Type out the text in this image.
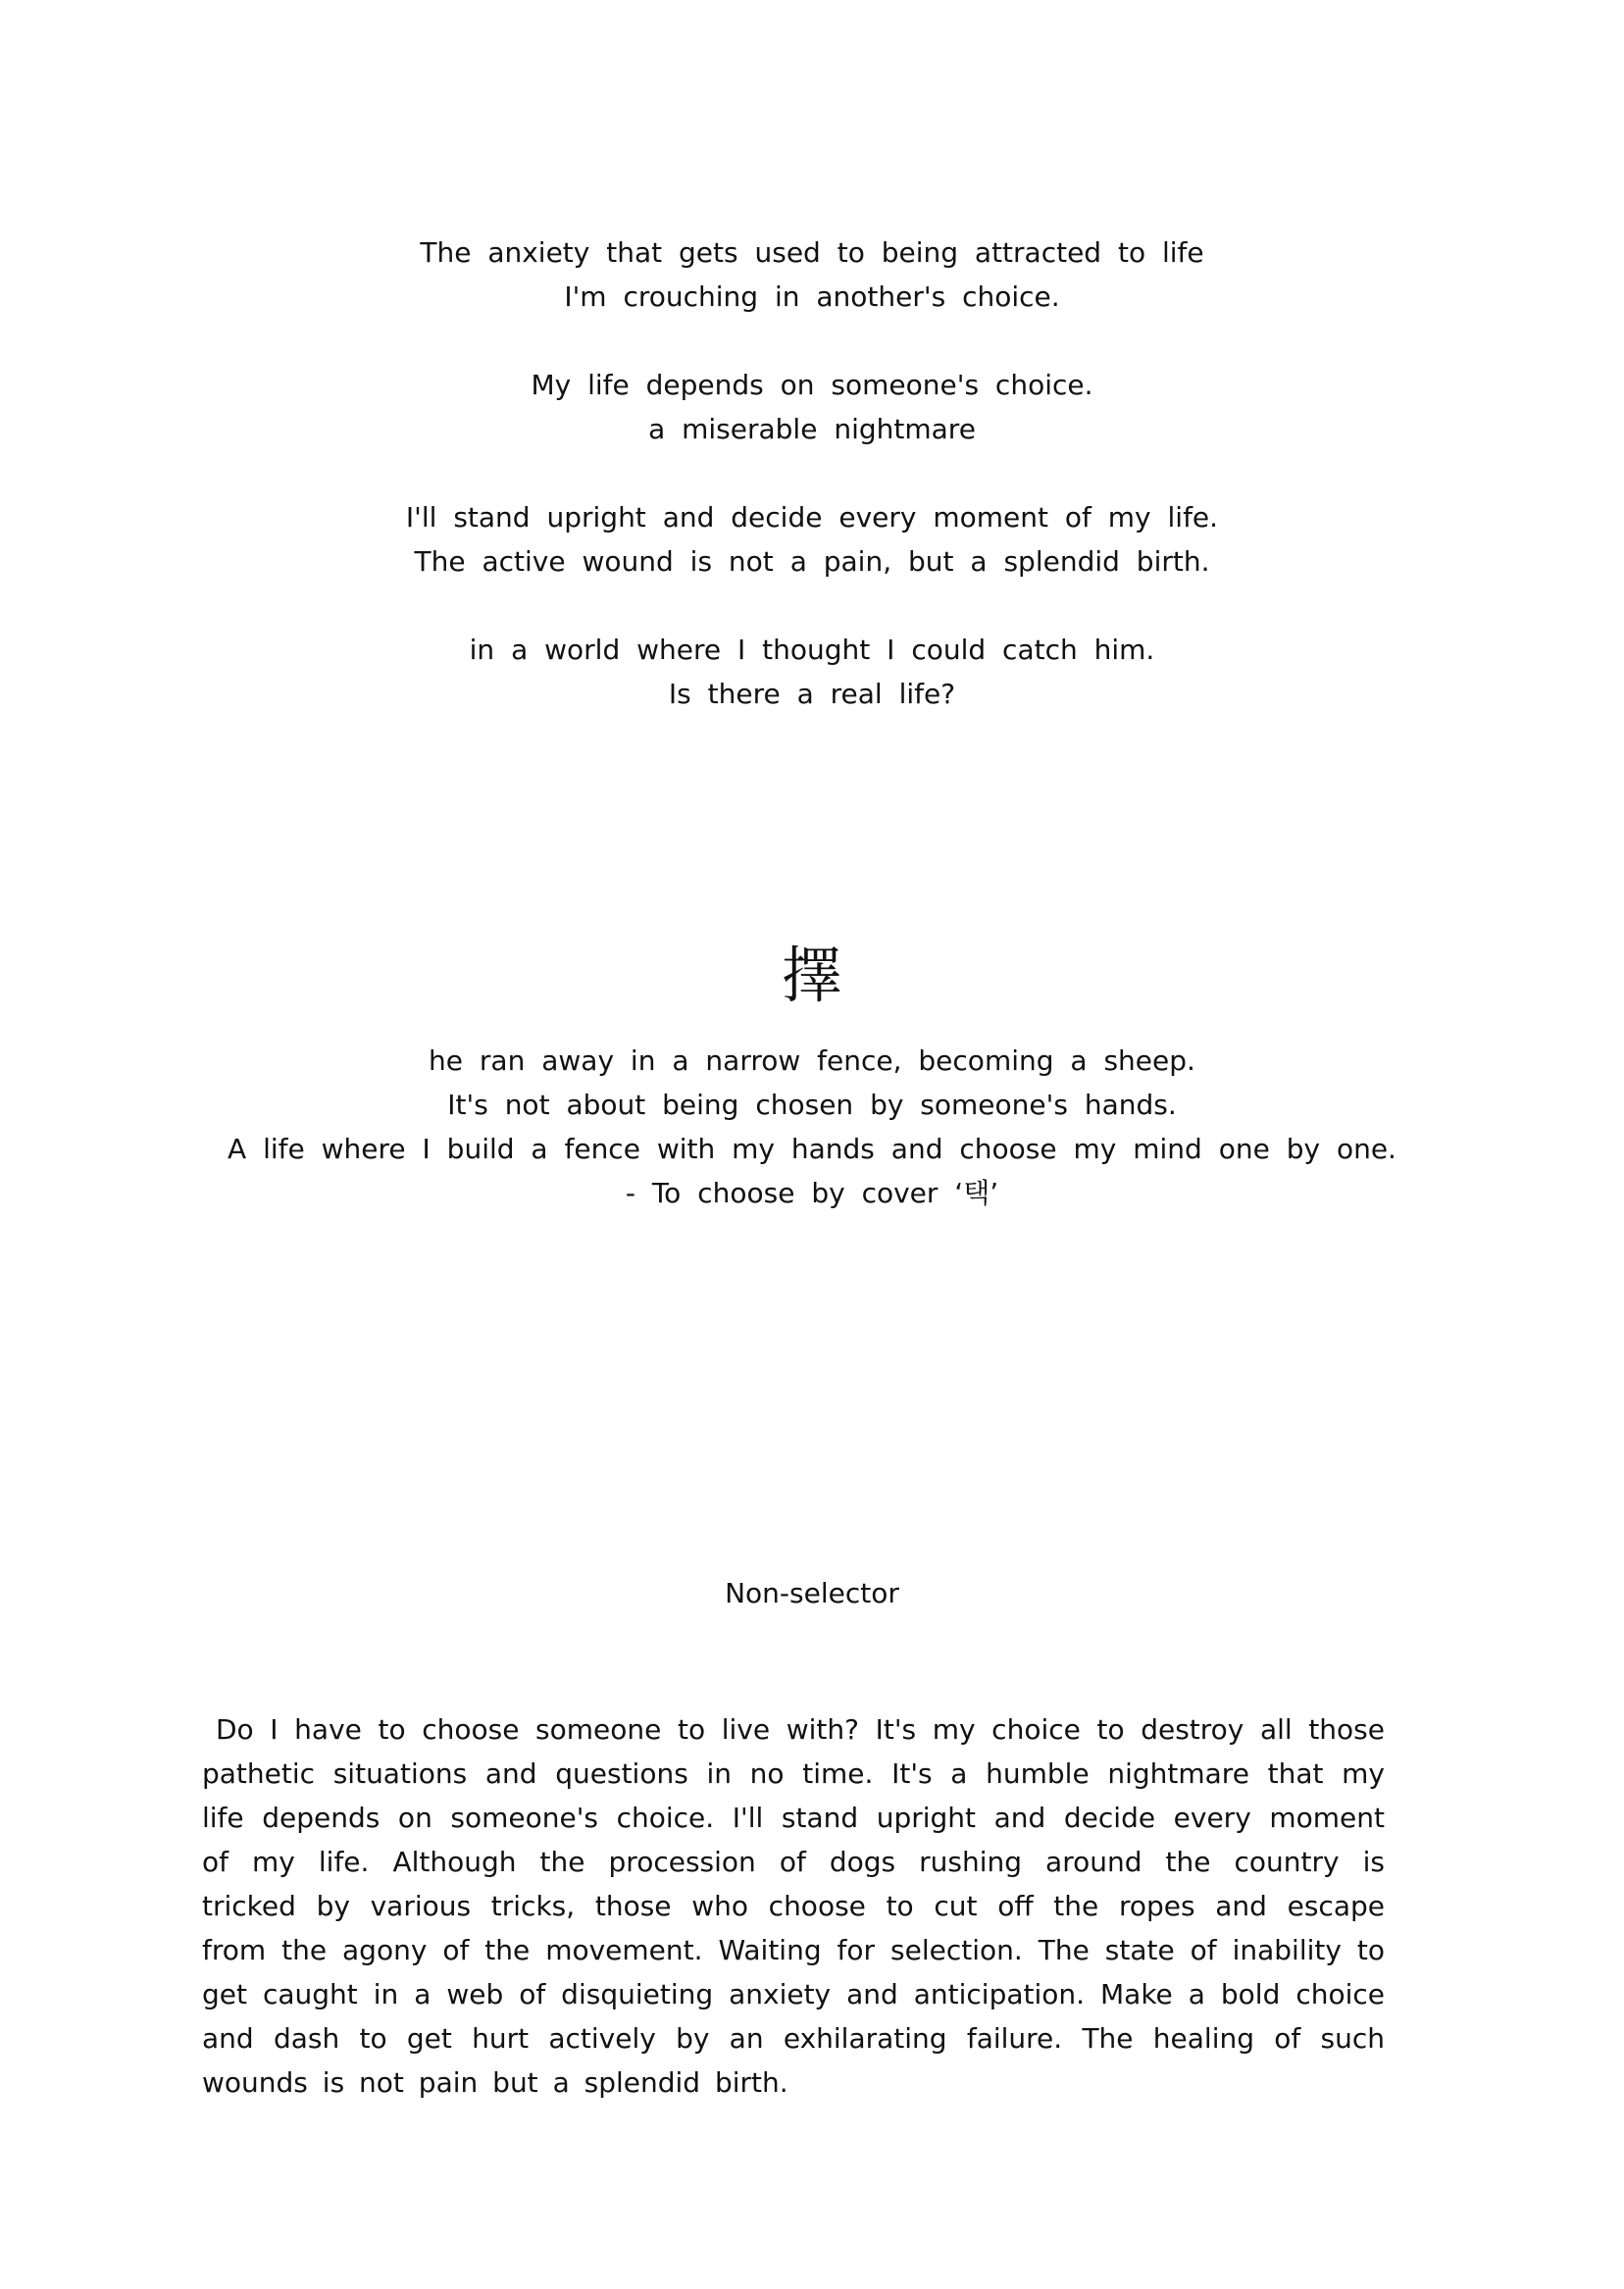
The anxiety that gets used to being attracted to life
I'm crouching in another's choice.
My life depends on someone's choice.
a miserable nightmare
I'll stand upright and decide every moment of my life.
The active wound is not a pain, but a splendid birth.
in a world where I thought I could catch him.
Is there a real life?
擇
he ran away in a narrow fence, becoming a sheep.
It's not about being chosen by someone's hands.
A life where I build a fence with my hands and choose my mind one by one.
- To choose by cover ‘택’
Non-selector
Do I have to choose someone to live with? It's my choice to destroy all those pathetic situations and questions in no time. It's a humble nightmare that my life depends on someone's choice. I'll stand upright and decide every moment of my life. Although the procession of dogs rushing around the country is tricked by various tricks, those who choose to cut off the ropes and escape from the agony of the movement. Waiting for selection. The state of inability to get caught in a web of disquieting anxiety and anticipation. Make a bold choice and dash to get hurt actively by an exhilarating failure. The healing of such wounds is not pain but a splendid birth.
